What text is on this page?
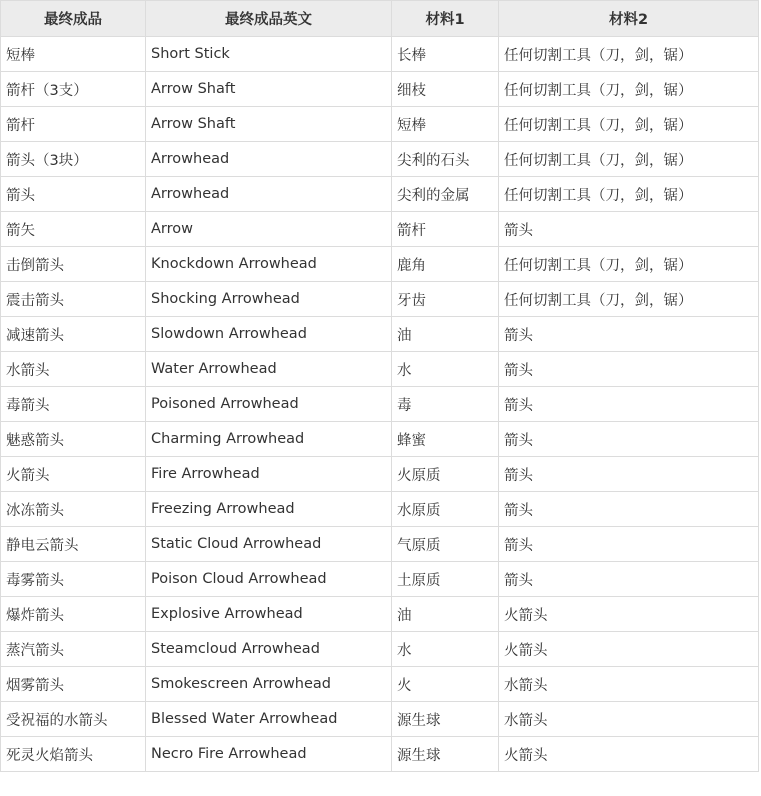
最终成品	最终成品英文	材料1	材料2
短棒	Short Stick	长棒	任何切割工具（刀，剑，锯）
箭杆（3支）	Arrow Shaft	细枝	任何切割工具（刀，剑，锯）
箭杆	Arrow Shaft	短棒	任何切割工具（刀，剑，锯）
箭头（3块）	Arrowhead	尖利的石头	任何切割工具（刀，剑，锯）
箭头	Arrowhead	尖利的金属	任何切割工具（刀，剑，锯）
箭矢	Arrow	箭杆	箭头
击倒箭头	Knockdown Arrowhead	鹿角	任何切割工具（刀，剑，锯）
震击箭头	Shocking Arrowhead	牙齿	任何切割工具（刀，剑，锯）
减速箭头	Slowdown Arrowhead	油	箭头
水箭头	Water Arrowhead	水	箭头
毒箭头	Poisoned Arrowhead	毒	箭头
魅惑箭头	Charming Arrowhead	蜂蜜	箭头
火箭头	Fire Arrowhead	火原质	箭头
冰冻箭头	Freezing Arrowhead	水原质	箭头
静电云箭头	Static Cloud Arrowhead	气原质	箭头
毒雾箭头	Poison Cloud Arrowhead	土原质	箭头
爆炸箭头	Explosive Arrowhead	油	火箭头
蒸汽箭头	Steamcloud Arrowhead	水	火箭头
烟雾箭头	Smokescreen Arrowhead	火	水箭头
受祝福的水箭头	Blessed Water Arrowhead	源生球	水箭头
死灵火焰箭头	Necro Fire Arrowhead	源生球	火箭头
